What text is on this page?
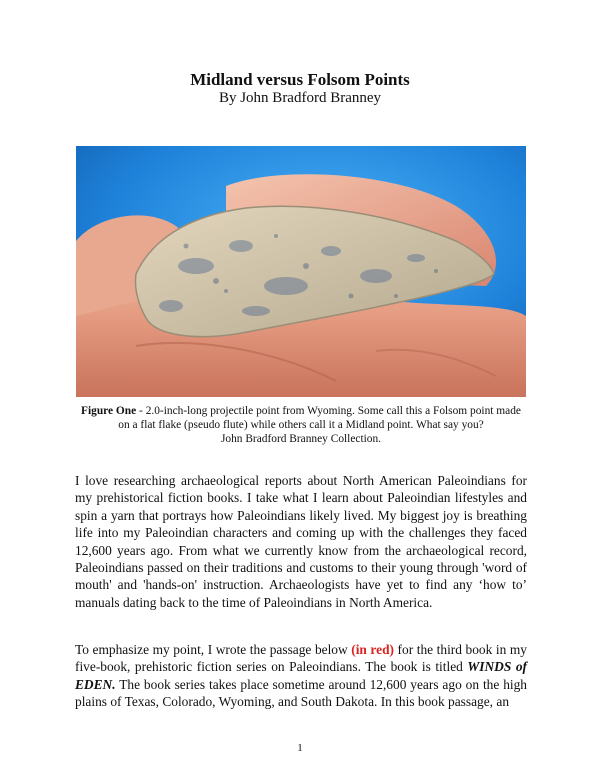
Midland versus Folsom Points
By John Bradford Branney
Figure One - 2.0-inch-long projectile point from Wyoming. Some call this a Folsom point made on a flat flake (pseudo flute) while others call it a Midland point. What say you?
John Bradford Branney Collection.

I love researching archaeological reports about North American Paleoindians for my prehistorical fiction books. I take what I learn about Paleoindian lifestyles and spin a yarn that portrays how Paleoindians likely lived. My biggest joy is breathing life into my Paleoindian characters and coming up with the challenges they faced 12,600 years ago. From what we currently know from the archaeological record, Paleoindians passed on their traditions and customs to their young through 'word of mouth' and 'hands-on' instruction. Archaeologists have yet to find any ‘how to’ manuals dating back to the time of Paleoindians in North America.

To emphasize my point, I wrote the passage below (in red) for the third book in my five-book, prehistoric fiction series on Paleoindians. The book is titled WINDS of EDEN. The book series takes place sometime around 12,600 years ago on the high plains of Texas, Colorado, Wyoming, and South Dakota. In this book passage, an

1
